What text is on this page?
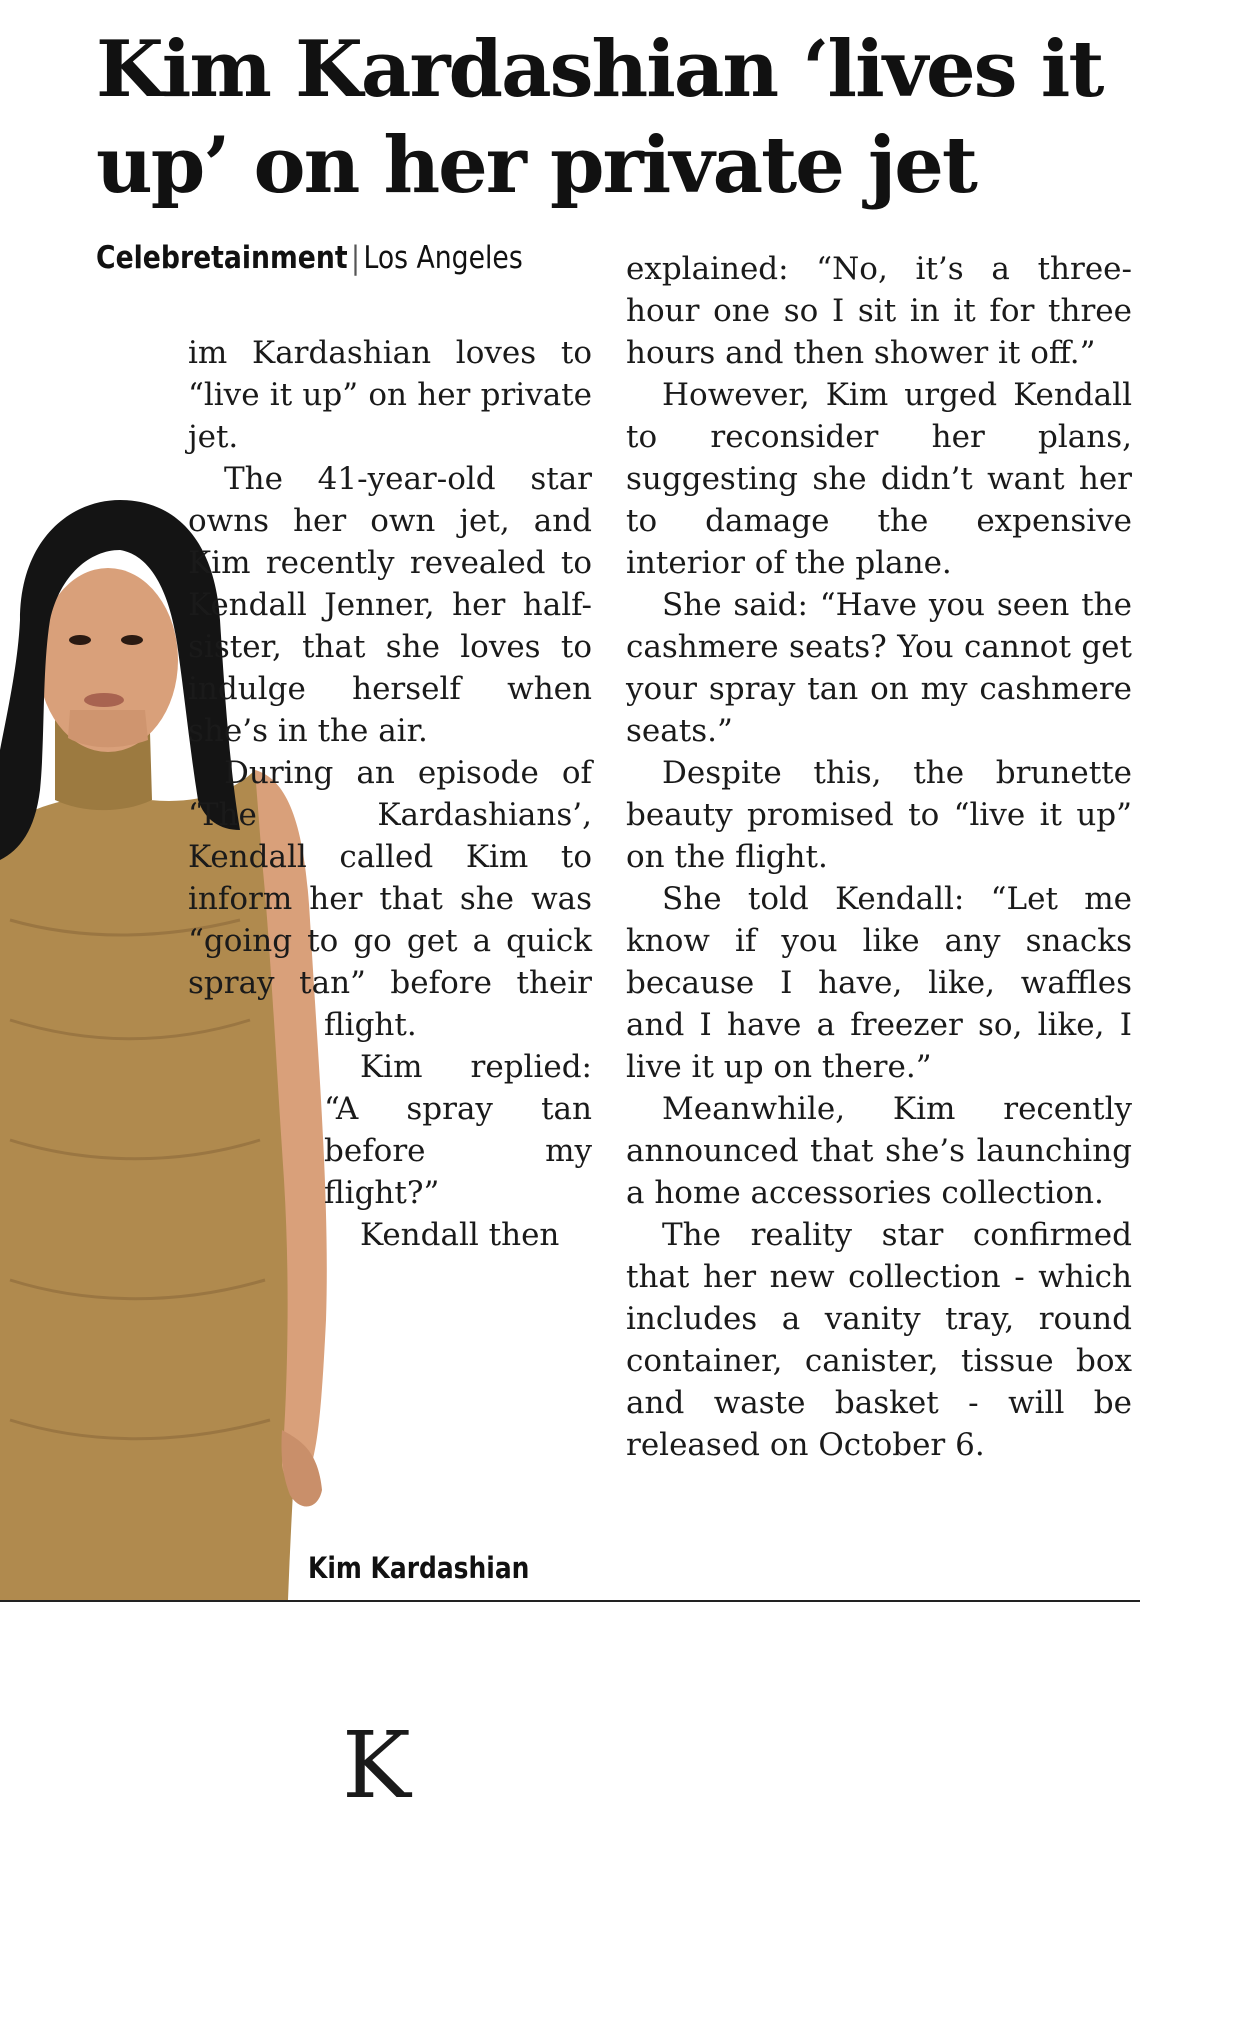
Kim Kardashian ‘lives it up’ on her private jet
Celebretainment | Los Angeles

K
im Kardashian loves to “live it up” on her private jet.

The 41-year-old star owns her own jet, and Kim recently revealed to Kendall Jenner, her half-sister, that she loves to indulge herself when she’s in the air.

During an episode of ‘The Kardashians’, Kendall called Kim to inform her that she was “going to go get a quick spray tan” before their flight.

Kim replied: “A spray tan before my flight?”

Kendall then

explained: “No, it’s a three-hour one so I sit in it for three hours and then shower it off.”

However, Kim urged Kendall to reconsider her plans, suggesting she didn’t want her to damage the expensive interior of the plane.

She said: “Have you seen the cashmere seats? You cannot get your spray tan on my cashmere seats.”

Despite this, the brunette beauty promised to “live it up” on the flight.

She told Kendall: “Let me know if you like any snacks because I have, like, waffles and I have a freezer so, like, I live it up on there.”

Meanwhile, Kim recently announced that she’s launching a home accessories collection.

The reality star confirmed that her new collection - which includes a vanity tray, round container, canister, tissue box and waste basket - will be released on October 6.

Kim Kardashian
